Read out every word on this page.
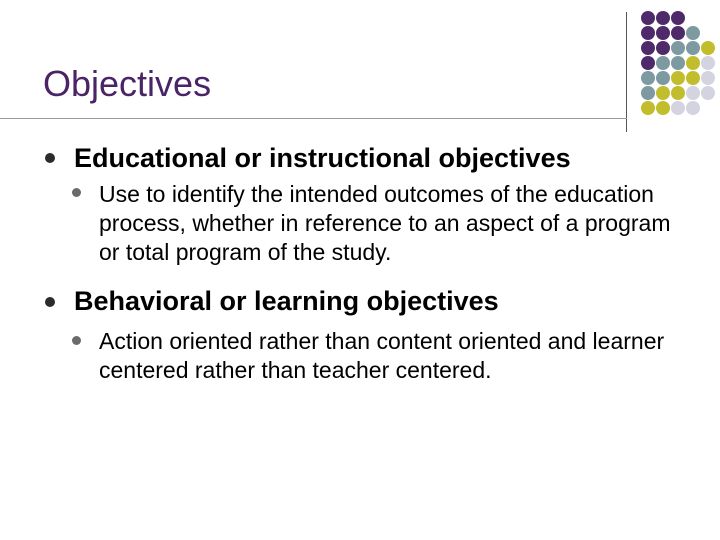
Objectives
Educational or instructional objectives
Use to identify the intended outcomes of the education process, whether in reference to an aspect of a program or total program of the study.
Behavioral or learning objectives
Action oriented rather than content oriented and learner centered rather than teacher centered.
